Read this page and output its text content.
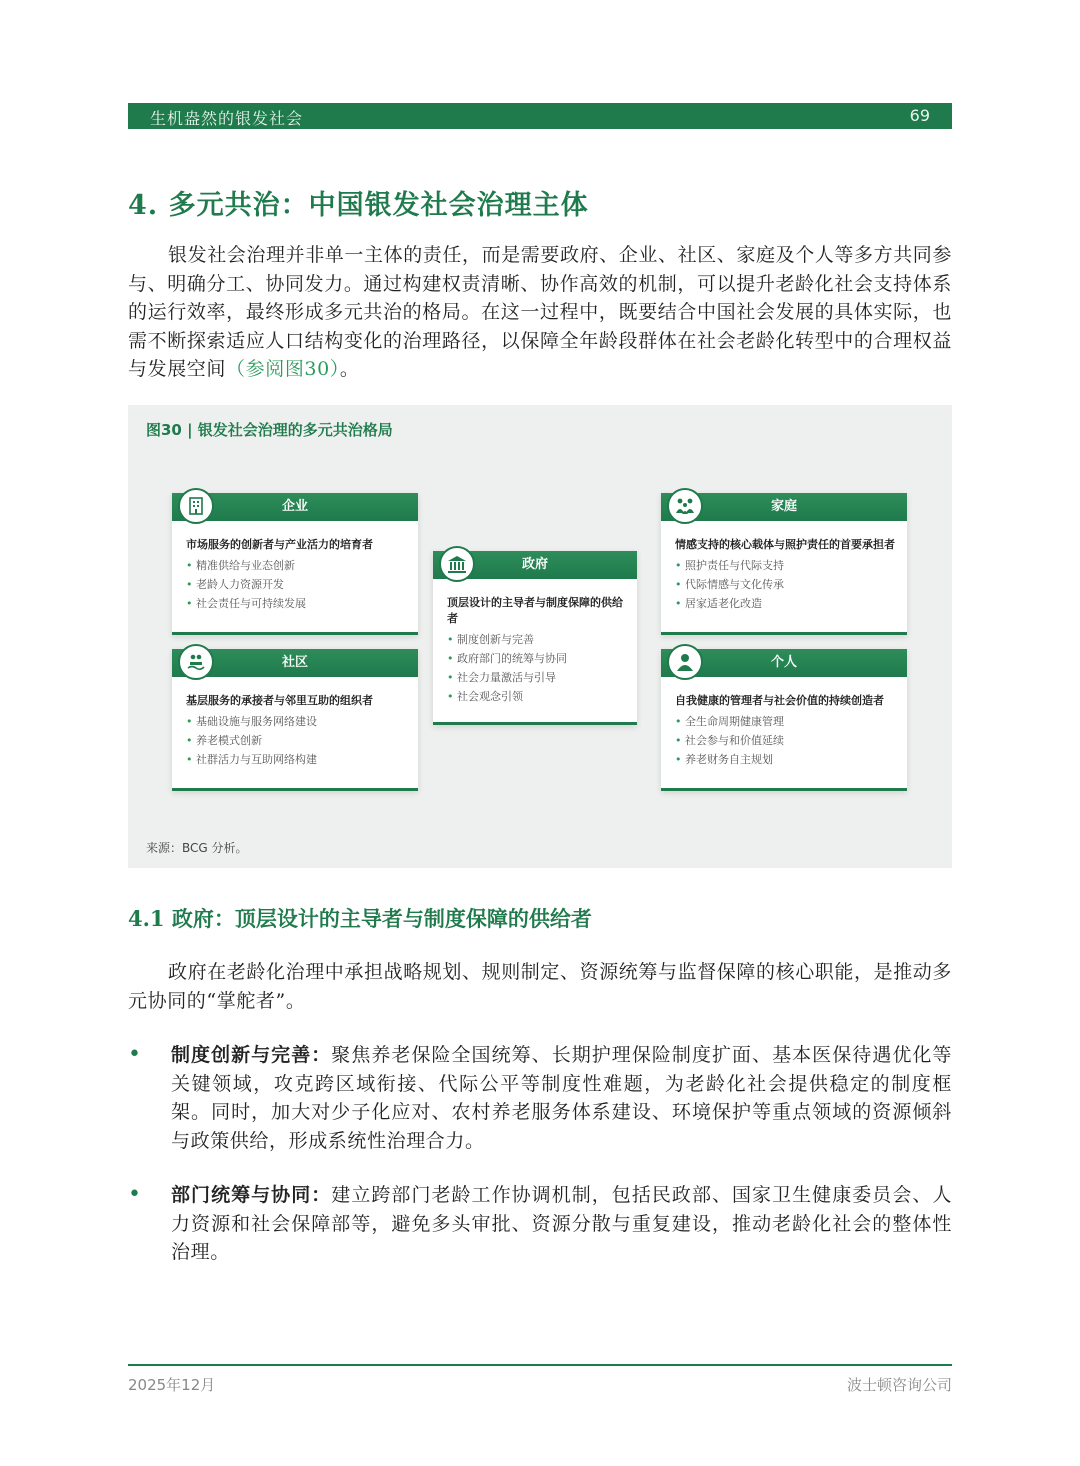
生机盎然的银发社会	69
4. 多元共治：中国银发社会治理主体
银发社会治理并非单一主体的责任，而是需要政府、企业、社区、家庭及个人等多方共同参与、明确分工、协同发力。通过构建权责清晰、协作高效的机制，可以提升老龄化社会支持体系的运行效率，最终形成多元共治的格局。在这一过程中，既要结合中国社会发展的具体实际，也需不断探索适应人口结构变化的治理路径，以保障全年龄段群体在社会老龄化转型中的合理权益与发展空间（参阅图30）。
图30 | 银发社会治理的多元共治格局
企业
市场服务的创新者与产业活力的培育者
• 精准供给与业态创新
• 老龄人力资源开发
• 社会责任与可持续发展
社区
基层服务的承接者与邻里互助的组织者
• 基础设施与服务网络建设
• 养老模式创新
• 社群活力与互助网络构建
政府
顶层设计的主导者与制度保障的供给者
• 制度创新与完善
• 政府部门的统筹与协同
• 社会力量激活与引导
• 社会观念引领
家庭
情感支持的核心载体与照护责任的首要承担者
• 照护责任与代际支持
• 代际情感与文化传承
• 居家适老化改造
个人
自我健康的管理者与社会价值的持续创造者
• 全生命周期健康管理
• 社会参与和价值延续
• 养老财务自主规划
来源：BCG 分析。
4.1 政府：顶层设计的主导者与制度保障的供给者
政府在老龄化治理中承担战略规划、规则制定、资源统筹与监督保障的核心职能，是推动多元协同的“掌舵者”。
• 制度创新与完善：聚焦养老保险全国统筹、长期护理保险制度扩面、基本医保待遇优化等关键领域，攻克跨区域衔接、代际公平等制度性难题，为老龄化社会提供稳定的制度框架。同时，加大对少子化应对、农村养老服务体系建设、环境保护等重点领域的资源倾斜与政策供给，形成系统性治理合力。
• 部门统筹与协同：建立跨部门老龄工作协调机制，包括民政部、国家卫生健康委员会、人力资源和社会保障部等，避免多头审批、资源分散与重复建设，推动老龄化社会的整体性治理。
2025年12月	波士顿咨询公司
